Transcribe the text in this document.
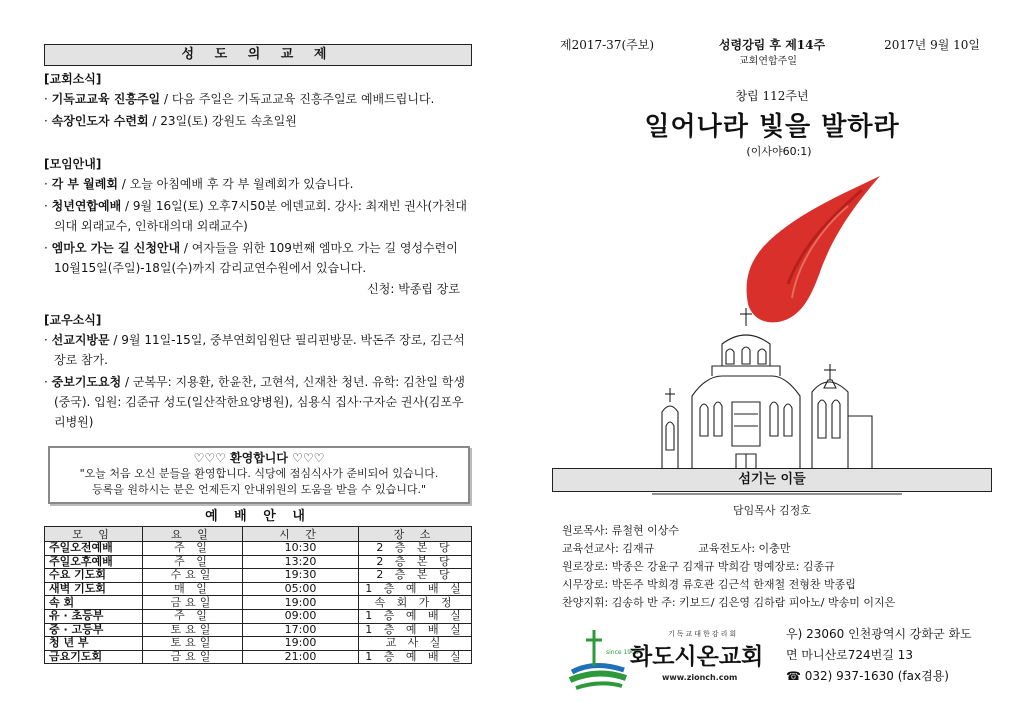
성 도 의 교 제
[교회소식]
· 기독교교육 진흥주일 / 다음 주일은 기독교교육 진흥주일로 예배드립니다.
· 속장인도자 수련회 / 23일(토) 강원도 속초일원
[모임안내]
· 각 부 월례회 / 오늘 아침예배 후 각 부 월례회가 있습니다.
· 청년연합예배 / 9월 16일(토) 오후7시50분 에덴교회. 강사: 최재빈 권사(가천대의대 외래교수, 인하대의대 외래교수)
· 엠마오 가는 길 신청안내 / 여자들을 위한 109번째 엠마오 가는 길 영성수련이 10월15일(주일)-18일(수)까지 감리교연수원에서 있습니다.
신청: 박종립 장로
[교우소식]
· 선교지방문 / 9월 11일-15일, 중부연회임원단 필리핀방문. 박돈주 장로, 김근석 장로 참가.
· 중보기도요청 / 군복무: 지용환, 한윤찬, 고현석, 신재찬 청년. 유학: 김찬일 학생(중국). 입원: 김준규 성도(일산작한요양병원), 심용식 집사·구자순 권사(김포우리병원)
♡♡♡ 환영합니다 ♡♡♡
"오늘 처음 오신 분들을 환영합니다. 식당에 점심식사가 준비되어 있습니다.
등록을 원하시는 분은 언제든지 안내위원의 도움을 받을 수 있습니다."
예 배 안 내
모 임	요 일	시 간	장 소
주일오전예배	주 일	10:30	2 층 본 당
주일오후예배	주 일	13:20	2 층 본 당
수요 기도회	수요일	19:30	2 층 본 당
새벽 기도회	매 일	05:00	1 층 예 배 실
속 회	금요일	19:00	속 회 가 정
유 · 초등부	주 일	09:00	1 층 예 배 실
중 · 고등부	토요일	17:00	1 층 예 배 실
청 년 부	토요일	19:00	교 사 실
금요기도회	금요일	21:00	1 층 예 배 실
제2017-37(주보)	성령강림 후 제14주	2017년 9월 10일
교회연합주일
창립 112주년
일어나라 빛을 발하라
(이사야60:1)
섬기는 이들
담임목사 김정호
원로목사: 류철현 이상수
교육선교사: 김재규	교육전도사: 이충만
원로장로: 박종은 강윤구 김재규 박희감 명예장로: 김종규
시무장로: 박돈주 박희경 류호관 김근석 한재철 전형찬 박종립
찬양지휘: 김송하 반 주: 키보드/ 김은영 김하람 피아노/ 박송미 이지은
since 1905
기독교대한감리회
화도시온교회
www.zionch.com
우) 23060 인천광역시 강화군 화도
면 마니산로724번길 13
☎ 032) 937-1630 (fax겸용)
